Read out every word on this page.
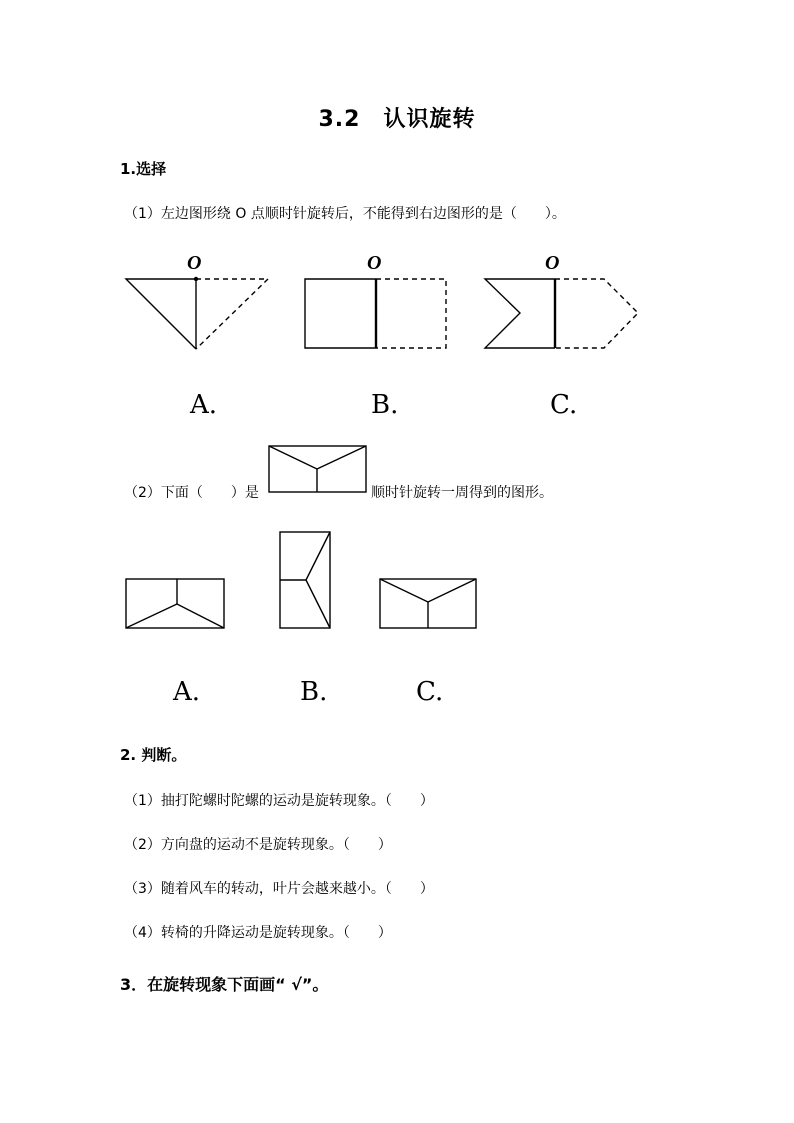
3.2　认识旋转
1.选择
（1）左边图形绕 O 点顺时针旋转后，不能得到右边图形的是（　　）。
O	O	O
A.	B.	C.
（2）下面（　　）是	顺时针旋转一周得到的图形。
A.	B.	C.
2. 判断。
（1）抽打陀螺时陀螺的运动是旋转现象。（　　）
（2）方向盘的运动不是旋转现象。（　　）
（3）随着风车的转动，叶片会越来越小。（　　）
（4）转椅的升降运动是旋转现象。（　　）
3．在旋转现象下面画“ √”。
